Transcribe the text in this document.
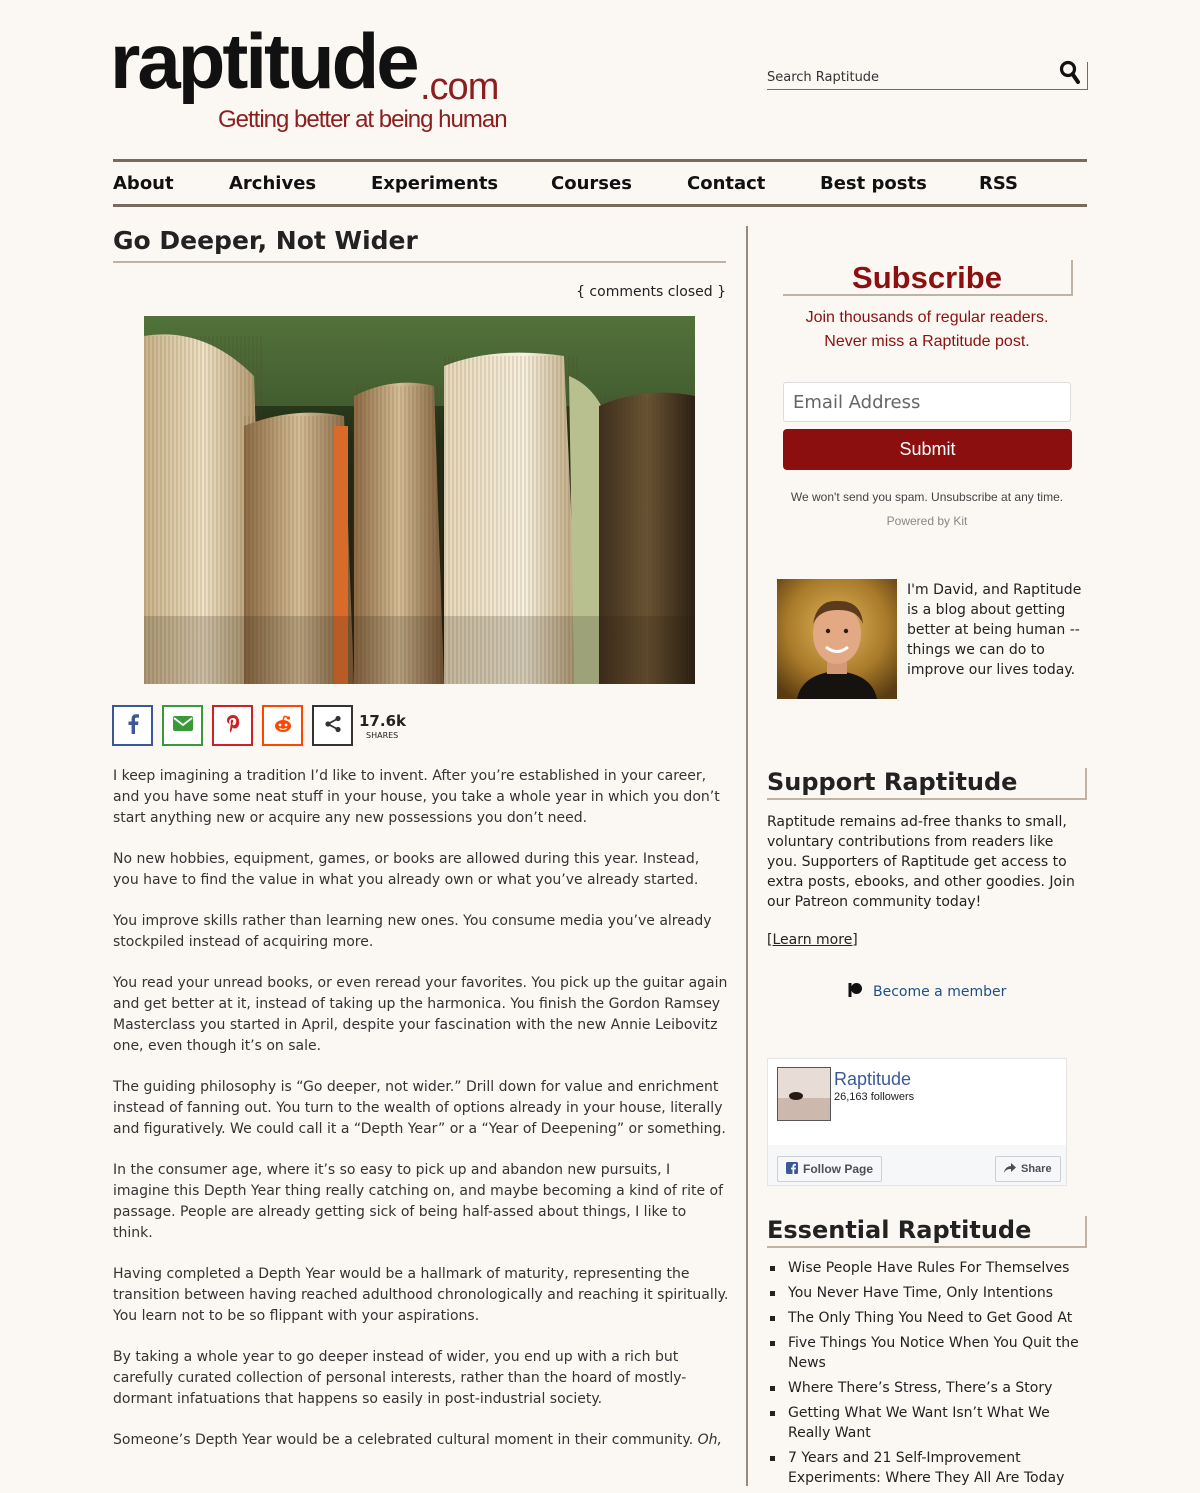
raptitude .com
Getting better at being human
Search Raptitude
About	Archives	Experiments	Courses	Contact	Best posts	RSS
Go Deeper, Not Wider
{ comments closed }
17.6k
SHARES

I keep imagining a tradition I’d like to invent. After you’re established in your career, and you have some neat stuff in your house, you take a whole year in which you don’t start anything new or acquire any new possessions you don’t need.

No new hobbies, equipment, games, or books are allowed during this year. Instead, you have to find the value in what you already own or what you’ve already started.

You improve skills rather than learning new ones. You consume media you’ve already stockpiled instead of acquiring more.

You read your unread books, or even reread your favorites. You pick up the guitar again and get better at it, instead of taking up the harmonica. You finish the Gordon Ramsey Masterclass you started in April, despite your fascination with the new Annie Leibovitz one, even though it’s on sale.

The guiding philosophy is “Go deeper, not wider.” Drill down for value and enrichment instead of fanning out. You turn to the wealth of options already in your house, literally and figuratively. We could call it a “Depth Year” or a “Year of Deepening” or something.

In the consumer age, where it’s so easy to pick up and abandon new pursuits, I imagine this Depth Year thing really catching on, and maybe becoming a kind of rite of passage. People are already getting sick of being half-assed about things, I like to think.

Having completed a Depth Year would be a hallmark of maturity, representing the transition between having reached adulthood chronologically and reaching it spiritually. You learn not to be so flippant with your aspirations.

By taking a whole year to go deeper instead of wider, you end up with a rich but carefully curated collection of personal interests, rather than the hoard of mostly-dormant infatuations that happens so easily in post-industrial society.

Someone’s Depth Year would be a celebrated cultural moment in their community. Oh,

Subscribe
Join thousands of regular readers.
Never miss a Raptitude post.
Email Address
Submit
We won't send you spam. Unsubscribe at any time.
Powered by Kit
I'm David, and Raptitude is a blog about getting better at being human -- things we can do to improve our lives today.
Support Raptitude
Raptitude remains ad-free thanks to small, voluntary contributions from readers like you. Supporters of Raptitude get access to extra posts, ebooks, and other goodies. Join our Patreon community today!
[Learn more]
Become a member
Raptitude
26,163 followers
Follow Page	Share
Essential Raptitude
Wise People Have Rules For Themselves
You Never Have Time, Only Intentions
The Only Thing You Need to Get Good At
Five Things You Notice When You Quit the News
Where There’s Stress, There’s a Story
Getting What We Want Isn’t What We Really Want
7 Years and 21 Self-Improvement Experiments: Where They All Are Today
